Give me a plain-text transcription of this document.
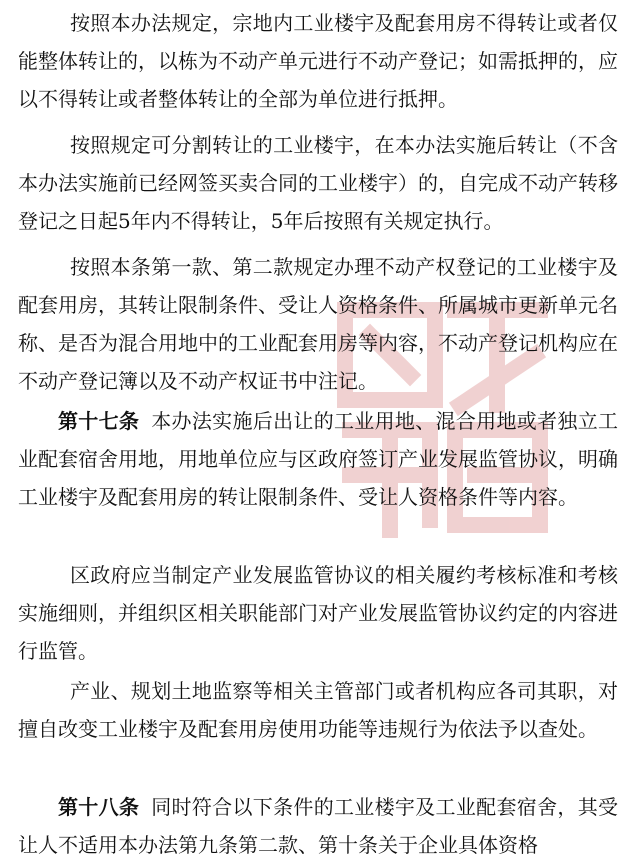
按照本办法规定，宗地内工业楼宇及配套用房不得转让或者仅能整体转让的，以栋为不动产单元进行不动产登记；如需抵押的，应以不得转让或者整体转让的全部为单位进行抵押。

按照规定可分割转让的工业楼宇，在本办法实施后转让（不含本办法实施前已经网签买卖合同的工业楼宇）的，自完成不动产转移登记之日起5年内不得转让，5年后按照有关规定执行。

按照本条第一款、第二款规定办理不动产权登记的工业楼宇及配套用房，其转让限制条件、受让人资格条件、所属城市更新单元名称、是否为混合用地中的工业配套用房等内容，不动产登记机构应在不动产登记簿以及不动产权证书中注记。

第十七条 本办法实施后出让的工业用地、混合用地或者独立工业配套宿舍用地，用地单位应与区政府签订产业发展监管协议，明确工业楼宇及配套用房的转让限制条件、受让人资格条件等内容。

区政府应当制定产业发展监管协议的相关履约考核标准和考核实施细则，并组织区相关职能部门对产业发展监管协议约定的内容进行监管。

产业、规划土地监察等相关主管部门或者机构应各司其职，对擅自改变工业楼宇及配套用房使用功能等违规行为依法予以查处。

第十八条 同时符合以下条件的工业楼宇及工业配套宿舍，其受让人不适用本办法第九条第二款、第十条关于企业具体资格
